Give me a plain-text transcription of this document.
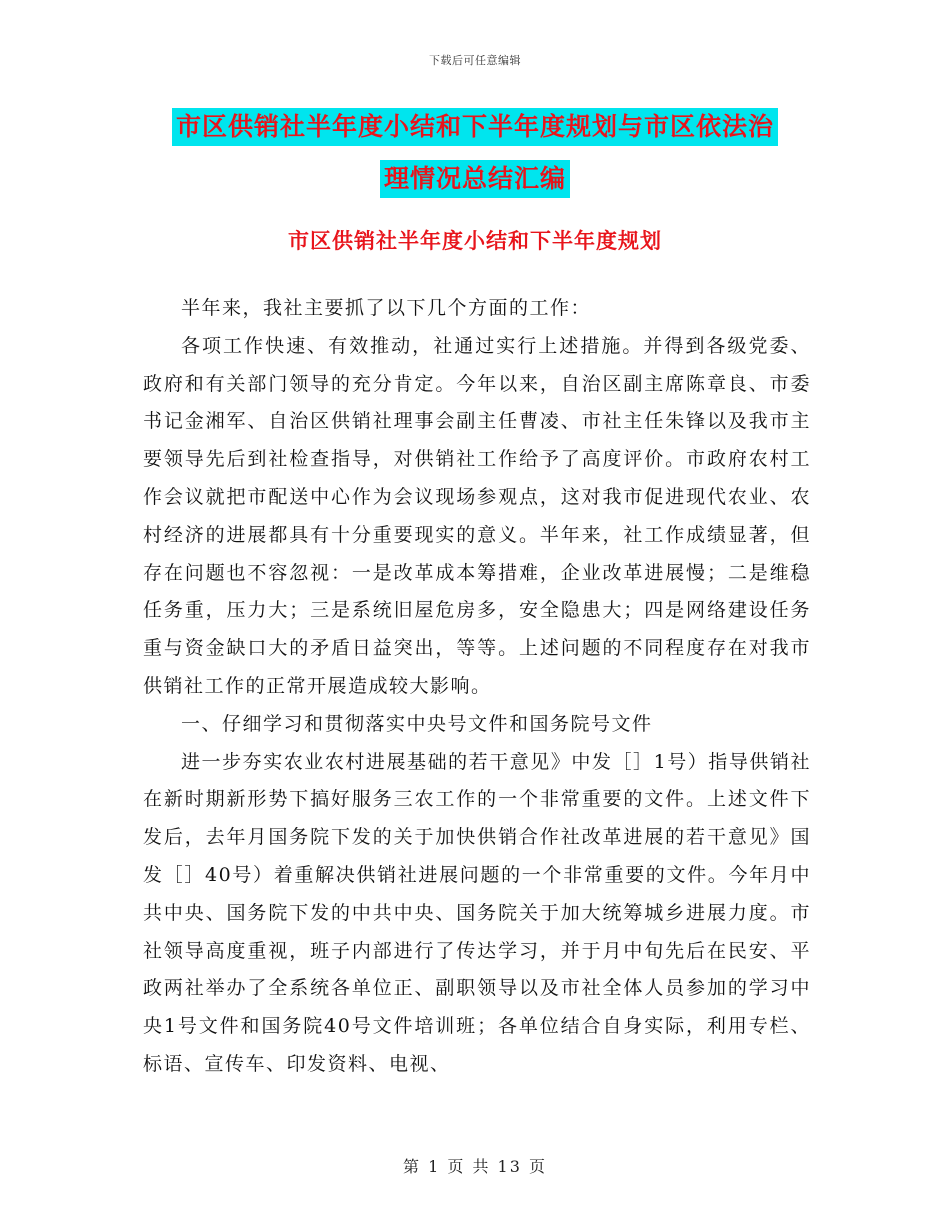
下载后可任意编辑
市区供销社半年度小结和下半年度规划与市区依法治
理情况总结汇编
市区供销社半年度小结和下半年度规划

半年来，我社主要抓了以下几个方面的工作：

各项工作快速、有效推动，社通过实行上述措施。并得到各级党委、政府和有关部门领导的充分肯定。今年以来，自治区副主席陈章良、市委书记金湘军、自治区供销社理事会副主任曹凌、市社主任朱锋以及我市主要领导先后到社检查指导，对供销社工作给予了高度评价。市政府农村工作会议就把市配送中心作为会议现场参观点，这对我市促进现代农业、农村经济的进展都具有十分重要现实的意义。半年来，社工作成绩显著，但存在问题也不容忽视：一是改革成本筹措难，企业改革进展慢；二是维稳任务重，压力大；三是系统旧屋危房多，安全隐患大；四是网络建设任务重与资金缺口大的矛盾日益突出，等等。上述问题的不同程度存在对我市供销社工作的正常开展造成较大影响。

一、仔细学习和贯彻落实中央号文件和国务院号文件

进一步夯实农业农村进展基础的若干意见》中发［］1号）指导供销社在新时期新形势下搞好服务三农工作的一个非常重要的文件。上述文件下发后，去年月国务院下发的关于加快供销合作社改革进展的若干意见》国发［］40号）着重解决供销社进展问题的一个非常重要的文件。今年月中共中央、国务院下发的中共中央、国务院关于加大统筹城乡进展力度。市社领导高度重视，班子内部进行了传达学习，并于月中旬先后在民安、平政两社举办了全系统各单位正、副职领导以及市社全体人员参加的学习中央1号文件和国务院40号文件培训班；各单位结合自身实际，利用专栏、标语、宣传车、印发资料、电视、

第 1 页 共 13 页
